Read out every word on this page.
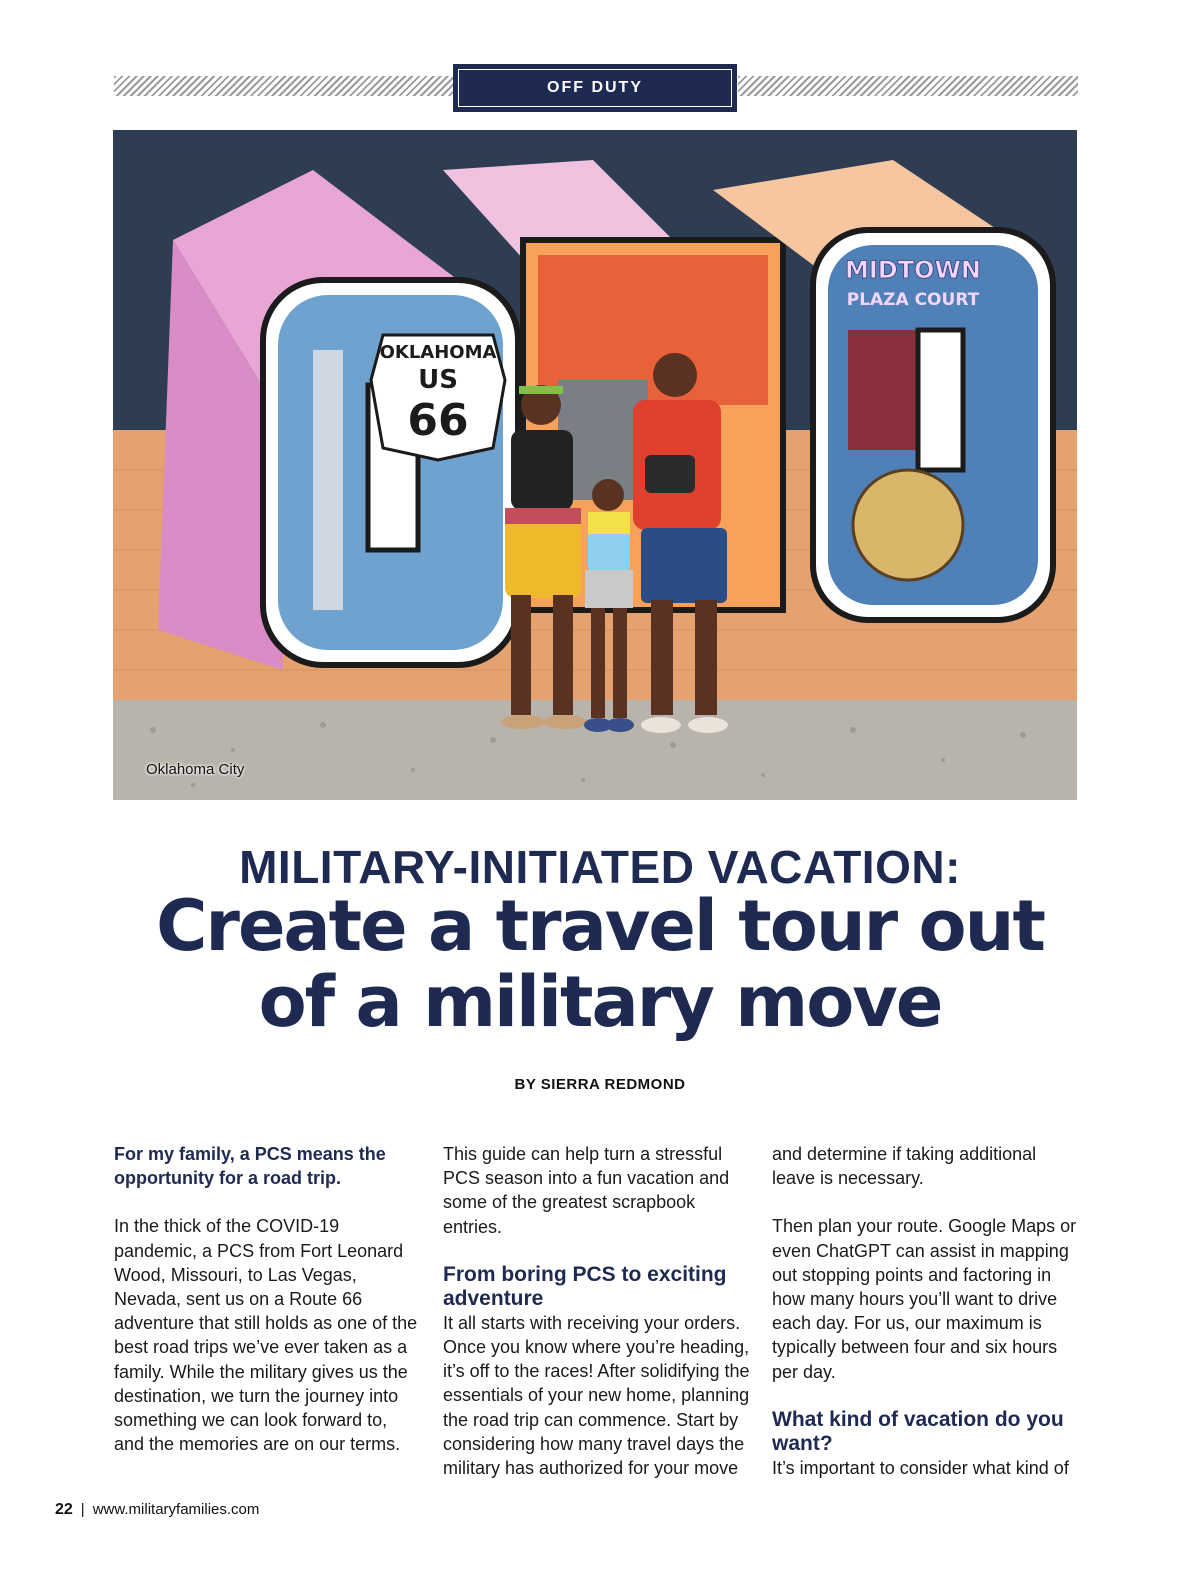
OFF DUTY
OKLAHOMA
US
66
MIDTOWN
PLAZA COURT
Oklahoma City
MILITARY-INITIATED VACATION:
Create a travel tour out
of a military move
BY SIERRA REDMOND

For my family, a PCS means the opportunity for a road trip.

In the thick of the COVID-19 pandemic, a PCS from Fort Leonard Wood, Missouri, to Las Vegas, Nevada, sent us on a Route 66 adventure that still holds as one of the best road trips we’ve ever taken as a family. While the military gives us the destination, we turn the journey into something we can look forward to, and the memories are on our terms.

This guide can help turn a stressful PCS season into a fun vacation and some of the greatest scrapbook entries.

From boring PCS to exciting adventure

It all starts with receiving your orders. Once you know where you’re heading, it’s off to the races! After solidifying the essentials of your new home, planning the road trip can commence. Start by considering how many travel days the military has authorized for your move

and determine if taking additional leave is necessary.

Then plan your route. Google Maps or even ChatGPT can assist in mapping out stopping points and factoring in how many hours you’ll want to drive each day. For us, our maximum is typically between four and six hours per day.

What kind of vacation do you want?

It’s important to consider what kind of

22 | www.militaryfamilies.com
